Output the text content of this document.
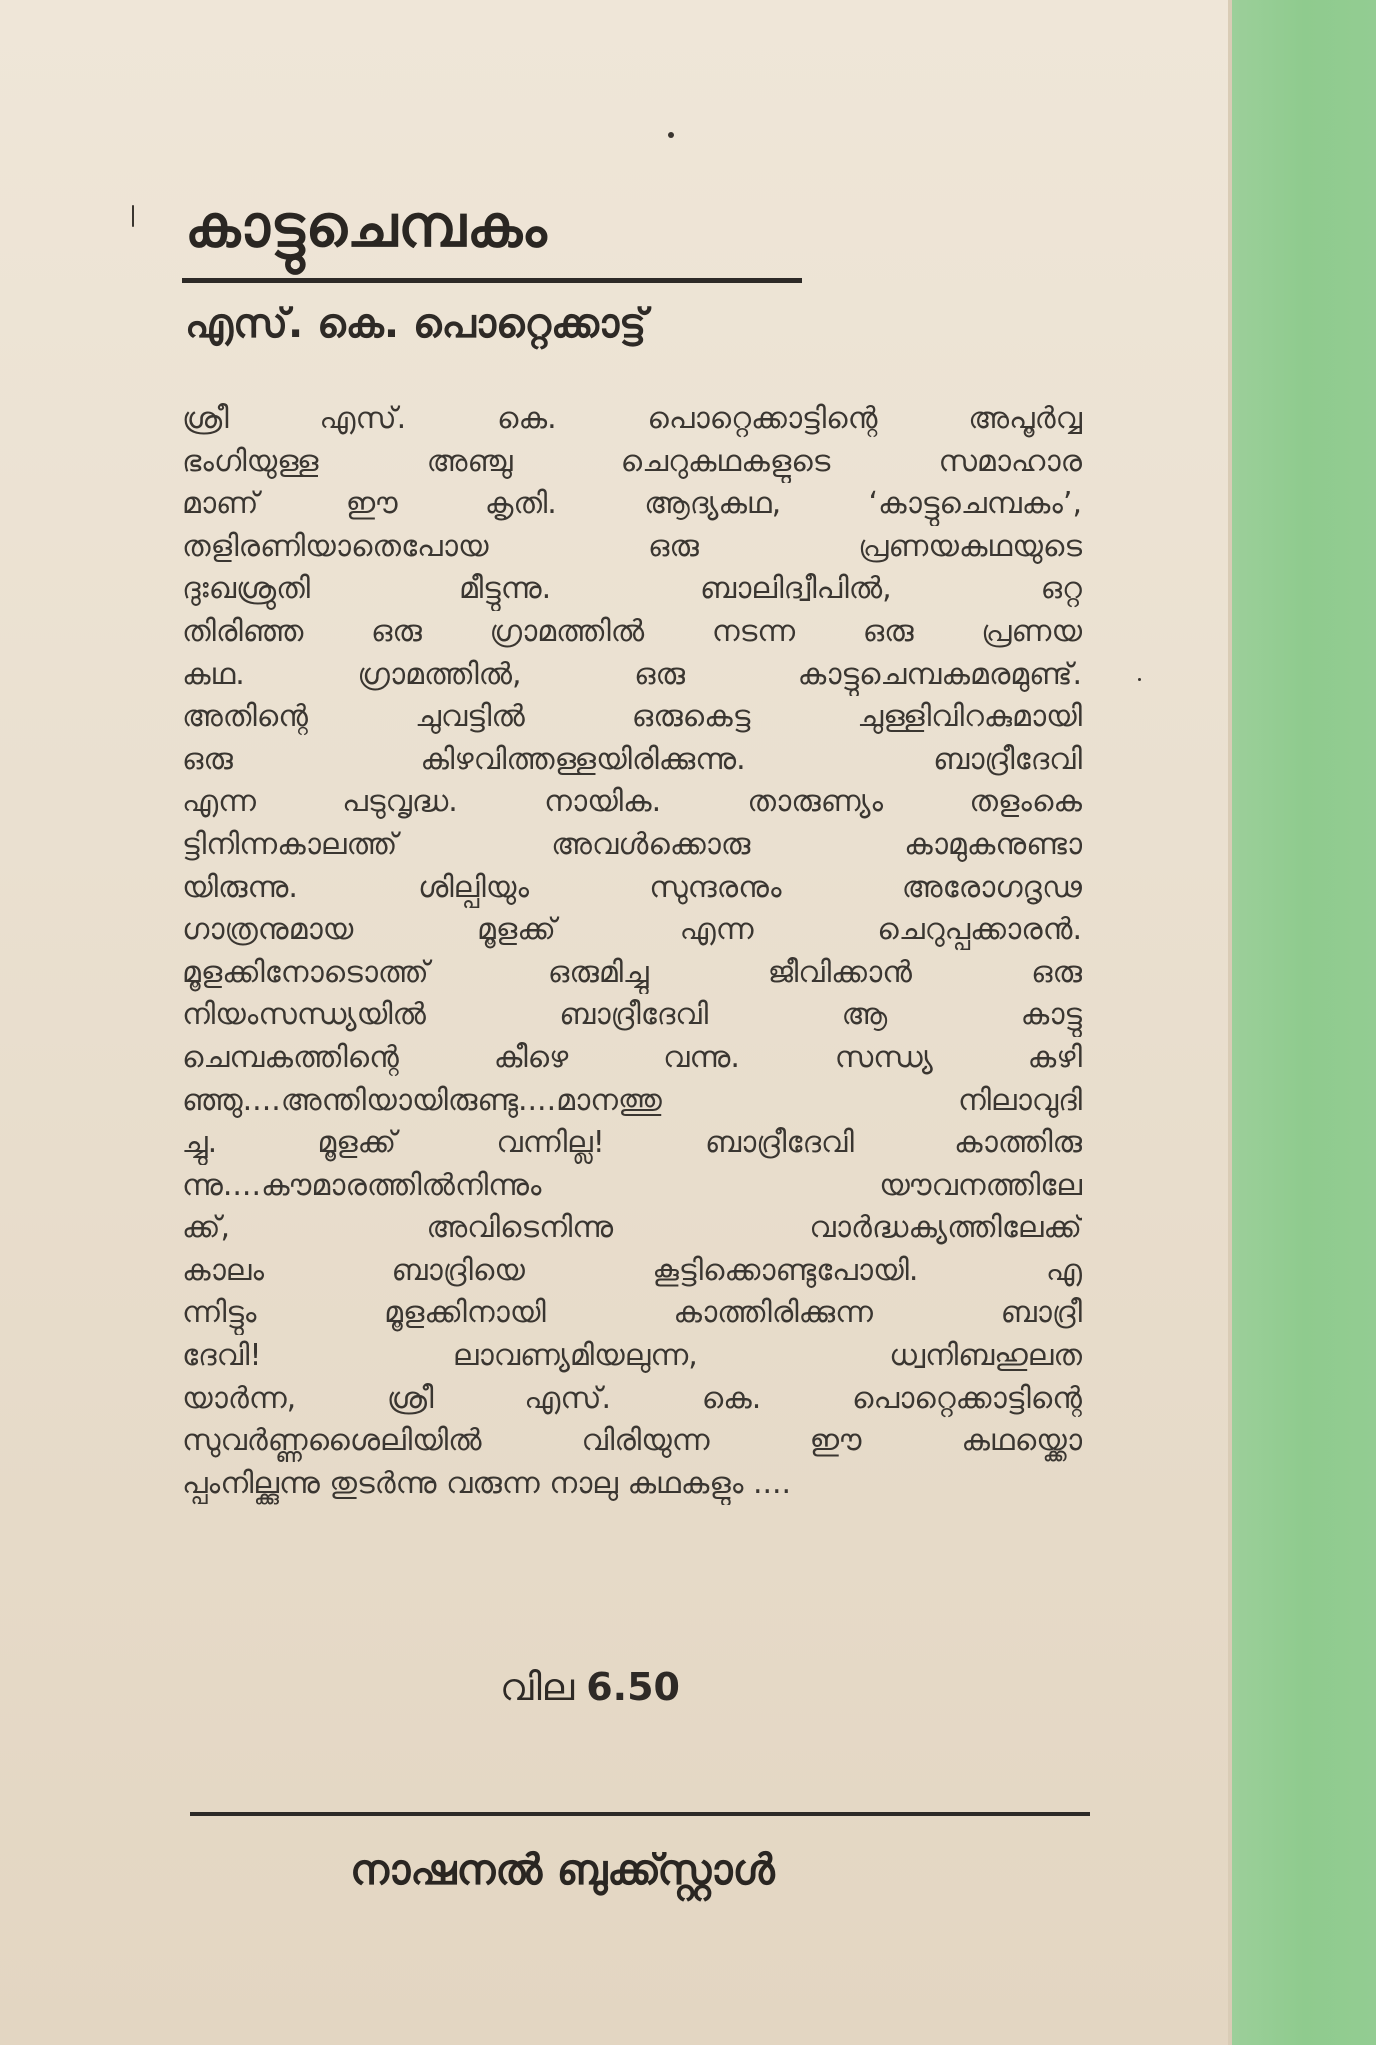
കാട്ടുചെമ്പകം
എസ്. കെ. പൊറ്റെക്കാട്ട്
ശ്രീ എസ്. കെ. പൊറ്റെക്കാട്ടിന്റെ അപൂർവ്വ
ഭംഗിയുള്ള അഞ്ചു ചെറുകഥകളുടെ സമാഹാര
മാണ് ഈ കൃതി. ആദ്യകഥ, ‘കാട്ടുചെമ്പകം’,
തളിരണിയാതെപോയ ഒരു പ്രണയകഥയുടെ
ദുഃഖശ്രുതി മീട്ടുന്നു. ബാലിദ്വീപിൽ, ഒറ്റ
തിരിഞ്ഞ ഒരു ഗ്രാമത്തിൽ നടന്ന ഒരു പ്രണയ
കഥ. ഗ്രാമത്തിൽ, ഒരു കാട്ടുചെമ്പകമരമുണ്ട്.
അതിന്റെ ചുവട്ടിൽ ഒരുകെട്ട ചുള്ളിവിറകുമായി
ഒരു കിഴവിത്തള്ളയിരിക്കുന്നു. ബാദ്രീദേവി
എന്ന പടുവൃദ്ധ. നായിക. താരുണ്യം തളംകെ
ട്ടിനിന്നകാലത്ത് അവൾക്കൊരു കാമുകനുണ്ടാ
യിരുന്നു. ശില്പിയും സുന്ദരനും അരോഗദൃഢ
ഗാത്രനുമായ മൂളക്ക് എന്ന ചെറുപ്പക്കാരൻ.
മൂളക്കിനോടൊത്ത് ഒരുമിച്ചു ജീവിക്കാൻ ഒരു
നിയംസന്ധ്യയിൽ ബാദ്രീദേവി ആ കാട്ടു
ചെമ്പകത്തിന്റെ കീഴെ വന്നു. സന്ധ്യ കഴി
ഞ്ഞു....അന്തിയായിരുണ്ടു....മാനത്തു നിലാവുദി
ച്ചു. മൂളക്ക് വന്നില്ല! ബാദ്രീദേവി കാത്തിരു
ന്നു....കൗമാരത്തിൽനിന്നും യൗവനത്തിലേ
ക്ക്, അവിടെനിന്നു വാർദ്ധക്യത്തിലേക്ക്
കാലം ബാദ്രിയെ കൂട്ടിക്കൊണ്ടുപോയി. എ
ന്നിട്ടും മൂളക്കിനായി കാത്തിരിക്കുന്ന ബാദ്രീ
ദേവി! ലാവണ്യമിയലുന്ന, ധ്വനിബഹുലത
യാർന്ന, ശ്രീ എസ്. കെ. പൊറ്റെക്കാട്ടിന്റെ
സുവർണ്ണശൈലിയിൽ വിരിയുന്ന ഈ കഥയ്ക്കൊ
പ്പംനില്ക്കുന്നു തുടർന്നു വരുന്ന നാലു കഥകളും ....

വില 6.50

നാഷനൽ ബുക്ക്സ്റ്റാൾ
